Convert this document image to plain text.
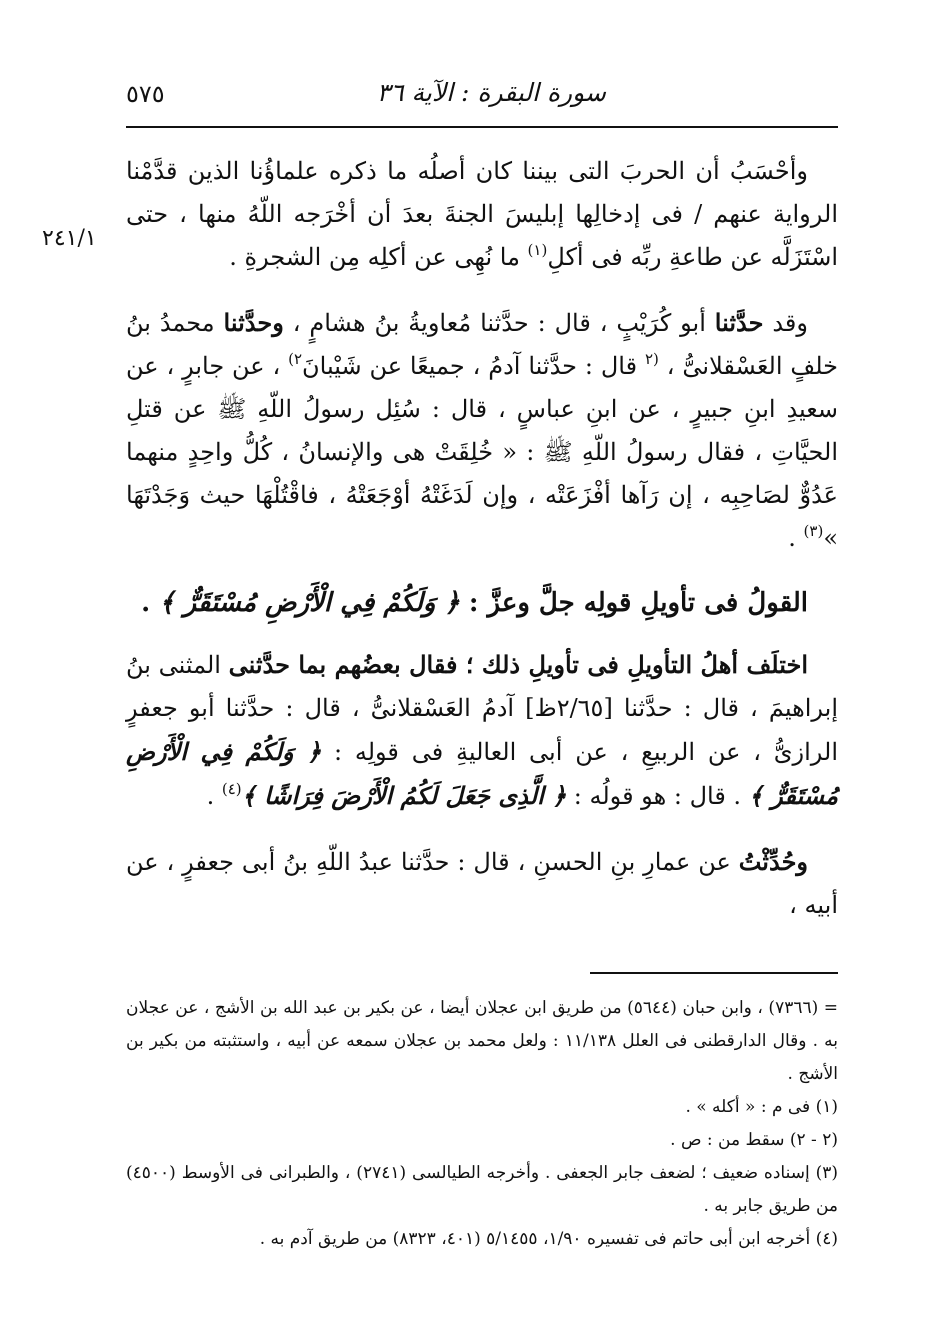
سورة البقرة : الآية ٣٦
٥٧٥
٢٤١/١

وأحْسَبُ أن الحربَ التى بيننا كان أصلُه ما ذكره علماؤُنا الذين قدَّمْنا الرواية عنهم / فى إدخالِها إبليسَ الجنةَ بعدَ أن أخْرَجه اللّهُ منها ، حتى اسْتَزَلَّه عن طاعةِ ربِّه فى أكلِ$^{(١)}$ ما نُهِى عن أكلِه مِن الشجرةِ .

وقد حدَّثنا أبو كُرَيْبٍ ، قال : حدَّثنا مُعاويةُ بنُ هشامٍ ، وحدَّثنا محمدُ بنُ خلفٍ العَسْقلانىُّ ، $^{(٢}$ قال : حدَّثنا آدمُ ، جميعًا عن شَيْبانَ$^{٢)}$ ، عن جابرٍ ، عن سعيدِ ابنِ جبيرٍ ، عن ابنِ عباسٍ ، قال : سُئِل رسولُ اللّهِ ﷺ عن قتلِ الحيَّاتِ ، فقال رسولُ اللّهِ ﷺ : « خُلِقَتْ هى والإنسانُ ، كُلُّ واحِدٍ منهما عَدُوٌّ لصَاحِبِه ، إن رَآها أفْزَعَتْه ، وإن لَدَغَتْهُ أوْجَعَتْهُ ، فاقْتُلْهَا حيث وَجَدْتَهَا »$^{(٣)}$ .

القولُ فى تأويلِ قولِه جلَّ وعزَّ : ﴿ وَلَكُمْ فِي الْأَرْضِ مُسْتَقَرٌّ ﴾ .

اختلَف أهلُ التأويلِ فى تأويلِ ذلك ؛ فقال بعضُهم بما حدَّثنى المثنى بنُ إبراهيمَ ، قال : حدَّثنا [٢/٦٥ظ] آدمُ العَسْقلانىُّ ، قال : حدَّثنا أبو جعفرٍ الرازىُّ ، عن الربيعِ ، عن أبى العاليةِ فى قولِه : ﴿ وَلَكُمْ فِي الْأَرْضِ مُسْتَقَرٌّ ﴾ . قال : هو قولُه : ﴿ الَّذِى جَعَلَ لَكُمُ الْأَرْضَ فِرَاشًا ﴾$^{(٤)}$ .

وحُدِّثْتُ عن عمارِ بنِ الحسنِ ، قال : حدَّثنا عبدُ اللّهِ بنُ أبى جعفرٍ ، عن أبيه ،

= (٧٣٦٦) ، وابن حبان (٥٦٤٤) من طريق ابن عجلان أيضا ، عن بكير بن عبد الله بن الأشج ، عن عجلان به . وقال الدارقطنى فى العلل ١١/١٣٨ : ولعل محمد بن عجلان سمعه عن أبيه ، واستثبته من بكير بن الأشج .

(١) فى م : « أكله » .

(٢ - ٢) سقط من : ص .

(٣) إسناده ضعيف ؛ لضعف جابر الجعفى . وأخرجه الطيالسى (٢٧٤١) ، والطبرانى فى الأوسط (٤٥٠٠) من طريق جابر به .

(٤) أخرجه ابن أبى حاتم فى تفسيره ١/٩٠، ٥/١٤٥٥ (٤٠١، ٨٣٢٣) من طريق آدم به .
